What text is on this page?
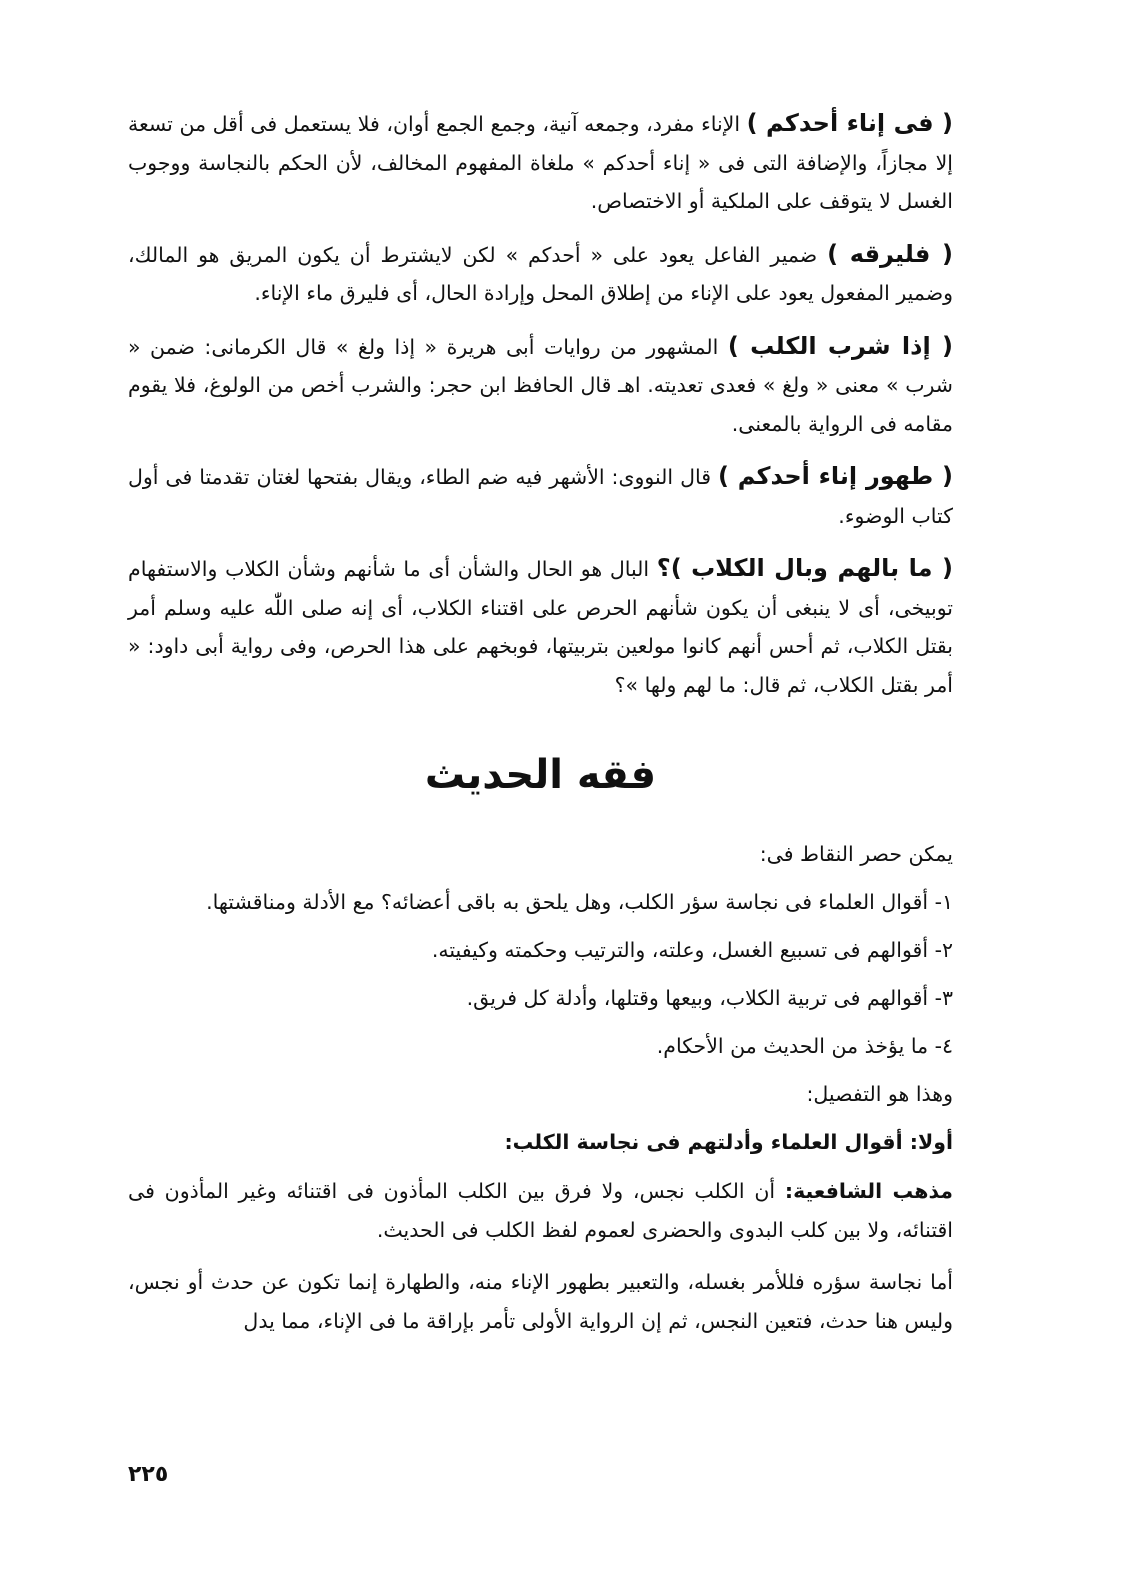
( فى إناء أحدكم ) الإناء مفرد، وجمعه آنية، وجمع الجمع أوان، فلا يستعمل فى أقل من تسعة إلا مجازاً، والإضافة التى فى « إناء أحدكم » ملغاة المفهوم المخالف، لأن الحكم بالنجاسة ووجوب الغسل لا يتوقف على الملكية أو الاختصاص.

( فليرقه ) ضمير الفاعل يعود على « أحدكم » لكن لايشترط أن يكون المريق هو المالك، وضمير المفعول يعود على الإناء من إطلاق المحل وإرادة الحال، أى فليرق ماء الإناء.

( إذا شرب الكلب ) المشهور من روايات أبى هريرة « إذا ولغ » قال الكرمانى: ضمن « شرب » معنى « ولغ » فعدى تعديته. اهـ قال الحافظ ابن حجر: والشرب أخص من الولوغ، فلا يقوم مقامه فى الرواية بالمعنى.

( طهور إناء أحدكم ) قال النووى: الأشهر فيه ضم الطاء، ويقال بفتحها لغتان تقدمتا فى أول كتاب الوضوء.

( ما بالهم وبال الكلاب )؟ البال هو الحال والشأن أى ما شأنهم وشأن الكلاب والاستفهام توبيخى، أى لا ينبغى أن يكون شأنهم الحرص على اقتناء الكلاب، أى إنه صلى اللّٰه عليه وسلم أمر بقتل الكلاب، ثم أحس أنهم كانوا مولعين بتربيتها، فوبخهم على هذا الحرص، وفى رواية أبى داود: « أمر بقتل الكلاب، ثم قال: ما لهم ولها »؟

فقه الحديث

يمكن حصر النقاط فى:

١- أقوال العلماء فى نجاسة سؤر الكلب، وهل يلحق به باقى أعضائه؟ مع الأدلة ومناقشتها.
٢- أقوالهم فى تسبيع الغسل، وعلته، والترتيب وحكمته وكيفيته.
٣- أقوالهم فى تربية الكلاب، وبيعها وقتلها، وأدلة كل فريق.
٤- ما يؤخذ من الحديث من الأحكام.

وهذا هو التفصيل:

أولا: أقوال العلماء وأدلتهم فى نجاسة الكلب:

مذهب الشافعية: أن الكلب نجس، ولا فرق بين الكلب المأذون فى اقتنائه وغير المأذون فى اقتنائه، ولا بين كلب البدوى والحضرى لعموم لفظ الكلب فى الحديث.

أما نجاسة سؤره فللأمر بغسله، والتعبير بطهور الإناء منه، والطهارة إنما تكون عن حدث أو نجس، وليس هنا حدث، فتعين النجس، ثم إن الرواية الأولى تأمر بإراقة ما فى الإناء، مما يدل

٢٢٥
